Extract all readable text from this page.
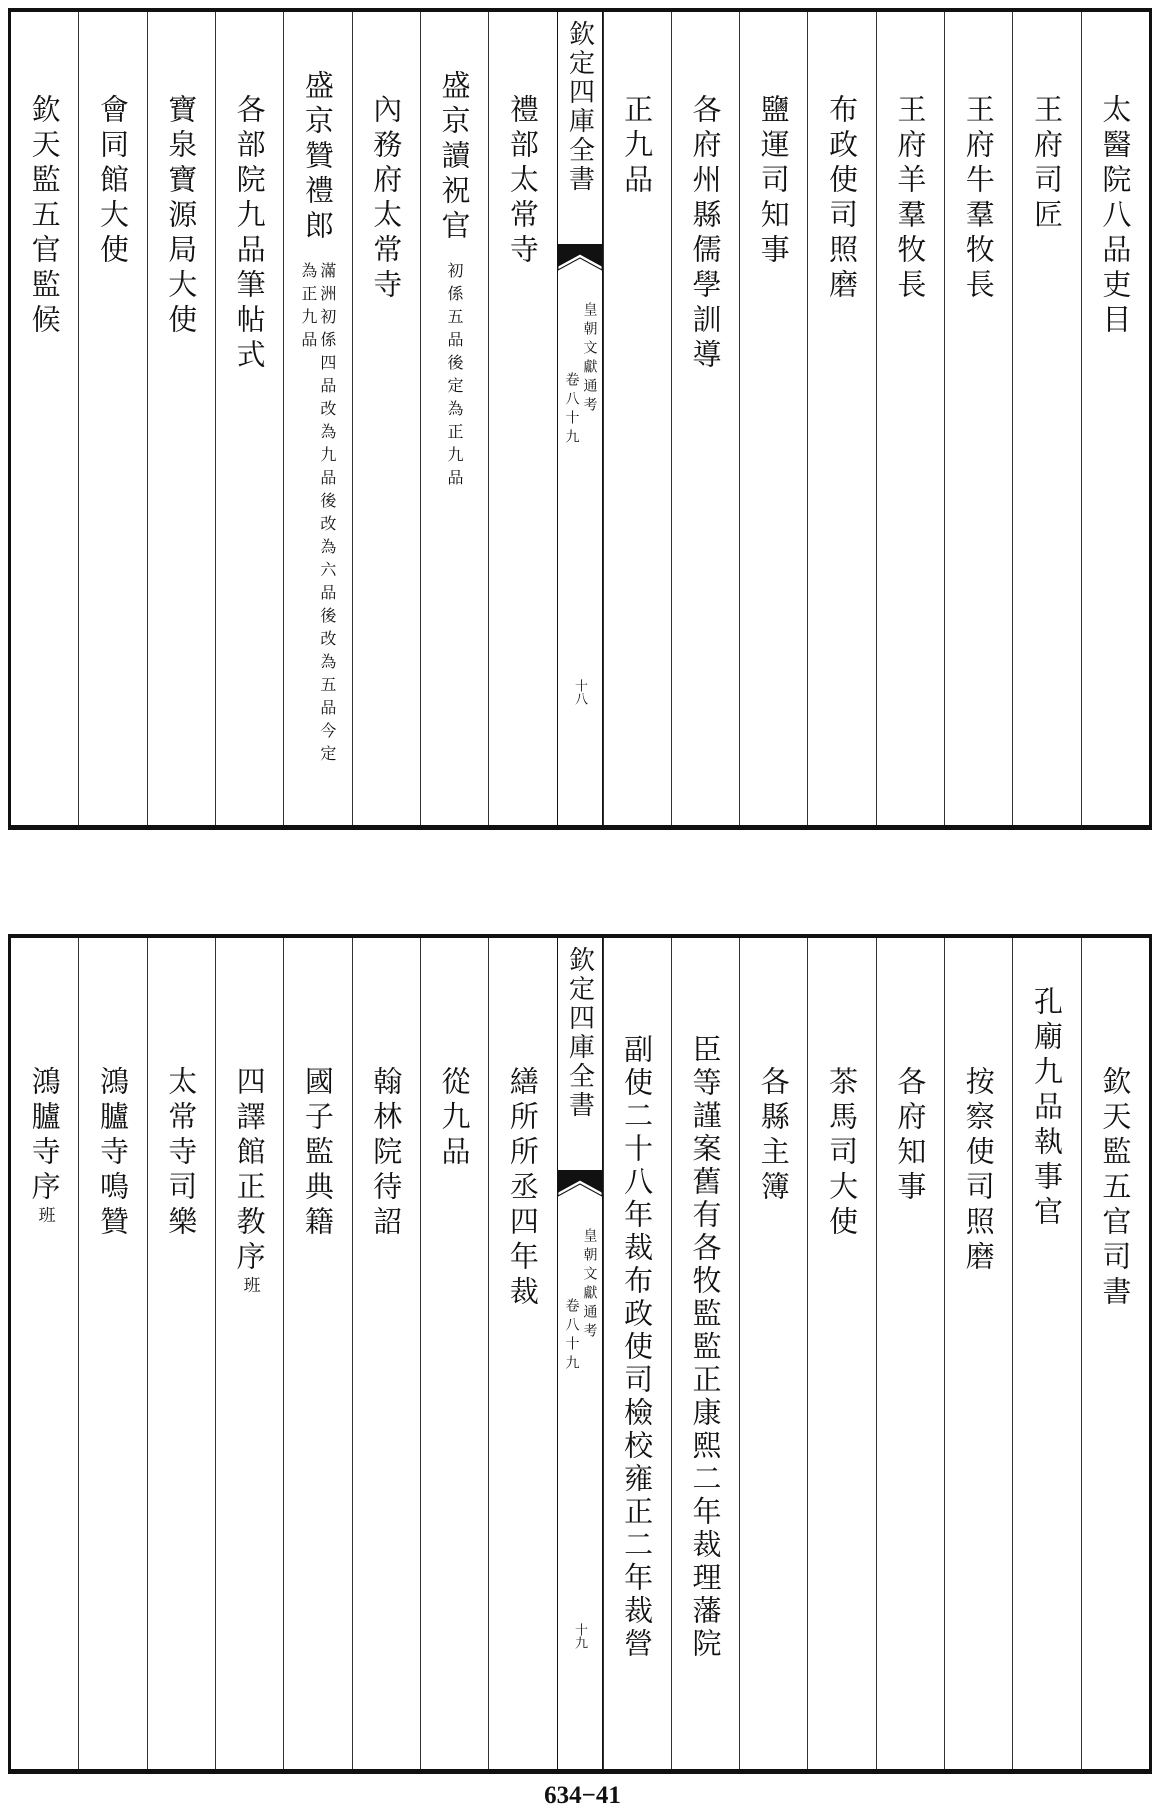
太醫院八品吏目
王府司匠
王府牛羣牧長
王府羊羣牧長
布政使司照磨
鹽運司知事
各府州縣儒學訓導
正九品
欽定四庫全書
皇朝文獻通考
卷八十九
十八
禮部太常寺
盛京讀祝官
初係五品後定為正九品
內務府太常寺
盛京贊禮郎
滿洲初係四品改為九品後改為六品後改為五品今定為正九品
各部院九品筆帖式
寶泉寶源局大使
會同館大使
欽天監五官監候
欽天監五官司書
孔廟九品執事官
按察使司照磨
各府知事
茶馬司大使
各縣主簿
臣等謹案舊有各牧監監正康熙二年裁理藩院
副使二十八年裁布政使司檢校雍正二年裁營
欽定四庫全書
皇朝文獻通考
卷八十九
十九
繕所所丞四年裁
從九品
翰林院待詔
國子監典籍
四譯館正教序班
太常寺司樂
鴻臚寺鳴贊
鴻臚寺序班
634−41
